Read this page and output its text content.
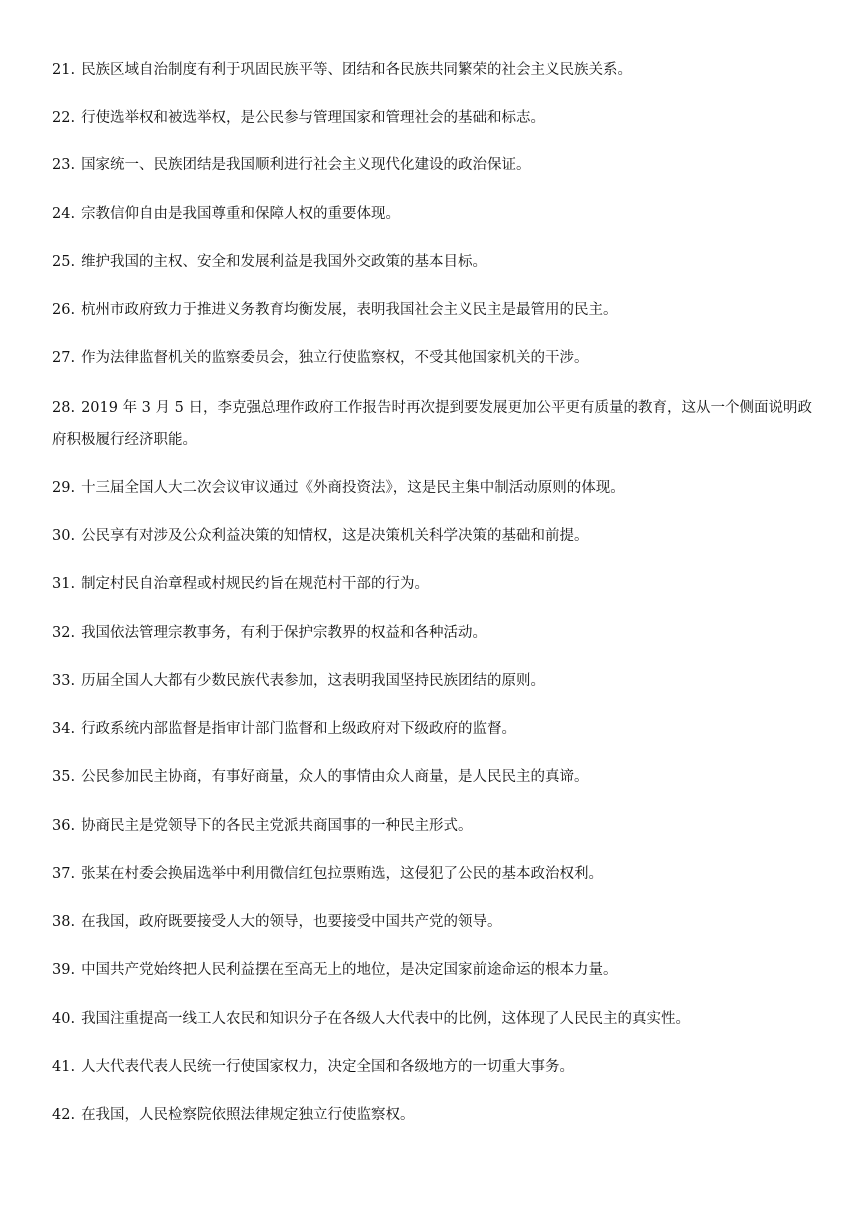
21. 民族区域自治制度有利于巩固民族平等、团结和各民族共同繁荣的社会主义民族关系。
22. 行使选举权和被选举权，是公民参与管理国家和管理社会的基础和标志。
23. 国家统一、民族团结是我国顺利进行社会主义现代化建设的政治保证。
24. 宗教信仰自由是我国尊重和保障人权的重要体现。
25. 维护我国的主权、安全和发展利益是我国外交政策的基本目标。
26. 杭州市政府致力于推进义务教育均衡发展，表明我国社会主义民主是最管用的民主。
27. 作为法律监督机关的监察委员会，独立行使监察权，不受其他国家机关的干涉。
28. 2019 年 3 月 5 日，李克强总理作政府工作报告时再次提到要发展更加公平更有质量的教育，这从一个侧面说明政府积极履行经济职能。
29. 十三届全国人大二次会议审议通过《外商投资法》，这是民主集中制活动原则的体现。
30. 公民享有对涉及公众利益决策的知情权，这是决策机关科学决策的基础和前提。
31. 制定村民自治章程或村规民约旨在规范村干部的行为。
32. 我国依法管理宗教事务，有利于保护宗教界的权益和各种活动。
33. 历届全国人大都有少数民族代表参加，这表明我国坚持民族团结的原则。
34. 行政系统内部监督是指审计部门监督和上级政府对下级政府的监督。
35. 公民参加民主协商，有事好商量，众人的事情由众人商量，是人民民主的真谛。
36. 协商民主是党领导下的各民主党派共商国事的一种民主形式。
37. 张某在村委会换届选举中利用微信红包拉票贿选，这侵犯了公民的基本政治权利。
38. 在我国，政府既要接受人大的领导，也要接受中国共产党的领导。
39. 中国共产党始终把人民利益摆在至高无上的地位，是决定国家前途命运的根本力量。
40. 我国注重提高一线工人农民和知识分子在各级人大代表中的比例，这体现了人民民主的真实性。
41. 人大代表代表人民统一行使国家权力，决定全国和各级地方的一切重大事务。
42. 在我国，人民检察院依照法律规定独立行使监察权。
